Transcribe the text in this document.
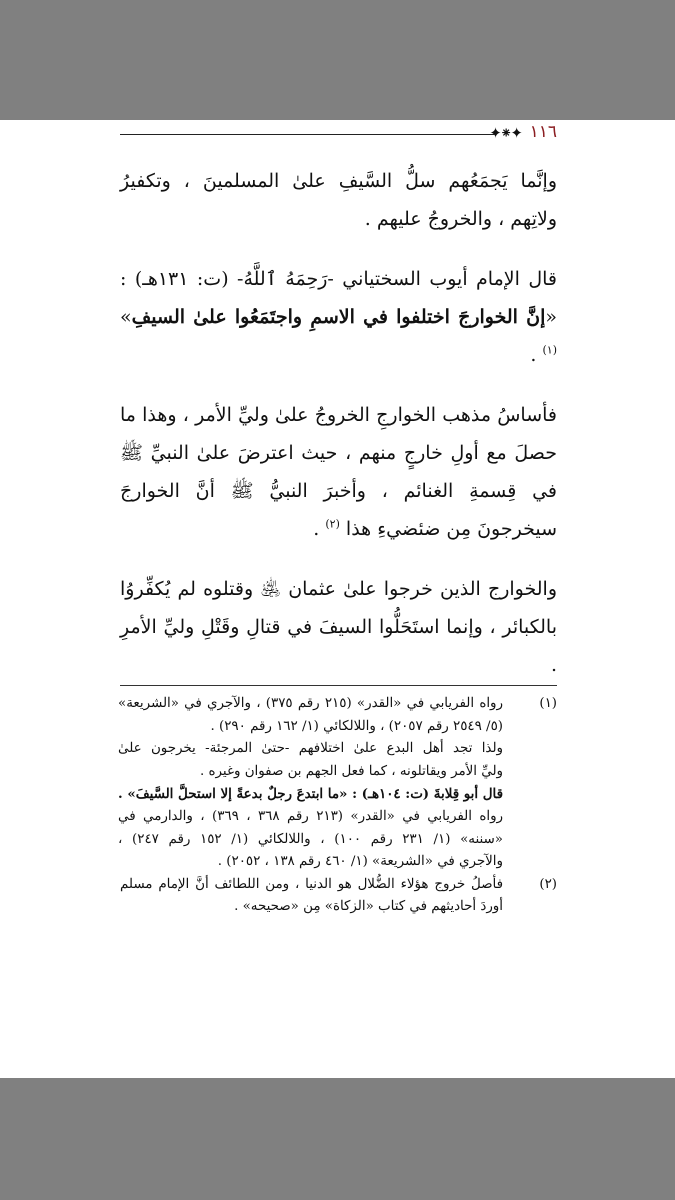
١١٦
✦⁕✦

وإنَّما يَجمَعُهم سلُّ السَّيفِ علىٰ المسلمينَ ، وتكفيرُ ولاتِهم ، والخروجُ عليهم .

قال الإمام أيوب السختياني -رَحِمَهُ ٱللَّهُ- (ت: ١٣١هـ) : «إنَّ الخوارجَ اختلفوا في الاسمِ واجتَمَعُوا علىٰ السيفِ» $^{(١)}$ .

فأساسُ مذهب الخوارجِ الخروجُ علىٰ وليِّ الأمر ، وهذا ما حصلَ مع أولِ خارجٍ منهم ، حيث اعترضَ علىٰ النبيِّ ﷺ في قِسمةِ الغنائم ، وأخبرَ النبيُّ ﷺ أنَّ الخوارجَ سيخرجونَ مِن ضئضيءِ هذا $^{(٢)}$ .

والخوارج الذين خرجوا علىٰ عثمان ﵁ وقتلوه لم يُكفِّروُا بالكبائر ، وإنما استَحَلُّوا السيفَ في قتالِ وقَتْلِ وليِّ الأمرِ .

(١)
رواه الفريابي في «القدر» (٢١٥ رقم ٣٧٥) ، والآجري في «الشريعة»
(٥/ ٢٥٤٩ رقم ٢٠٥٧) ، واللالكائي (١/ ١٦٢ رقم ٢٩٠) .
ولذا تجد أهل البدع علىٰ اختلافهم -حتىٰ المرجئة- يخرجون علىٰ
وليِّ الأمر ويقاتلونه ، كما فعل الجهم بن صفوان وغيره .
قال أبو قِلابةَ (ت: ١٠٤هـ) : «ما ابتدعَ رجلٌ بدعةً إلا استحلَّ السَّيفَ» .
رواه الفريابي في «القدر» (٢١٣ رقم ٣٦٨ ، ٣٦٩) ، والدارمي في
«سننه» (١/ ٢٣١ رقم ١٠٠) ، واللالكائي (١/ ١٥٢ رقم ٢٤٧) ،
والآجري في «الشريعة» (١/ ٤٦٠ رقم ١٣٨ ، ٢٠٥٢) .
(٢)
فأصلُ خروج هؤلاء الضُّلال هو الدنيا ، ومن اللطائف أنَّ الإمام مسلم
أوردَ أحاديثهم في كتاب «الزكاة» مِن «صحيحه» .
